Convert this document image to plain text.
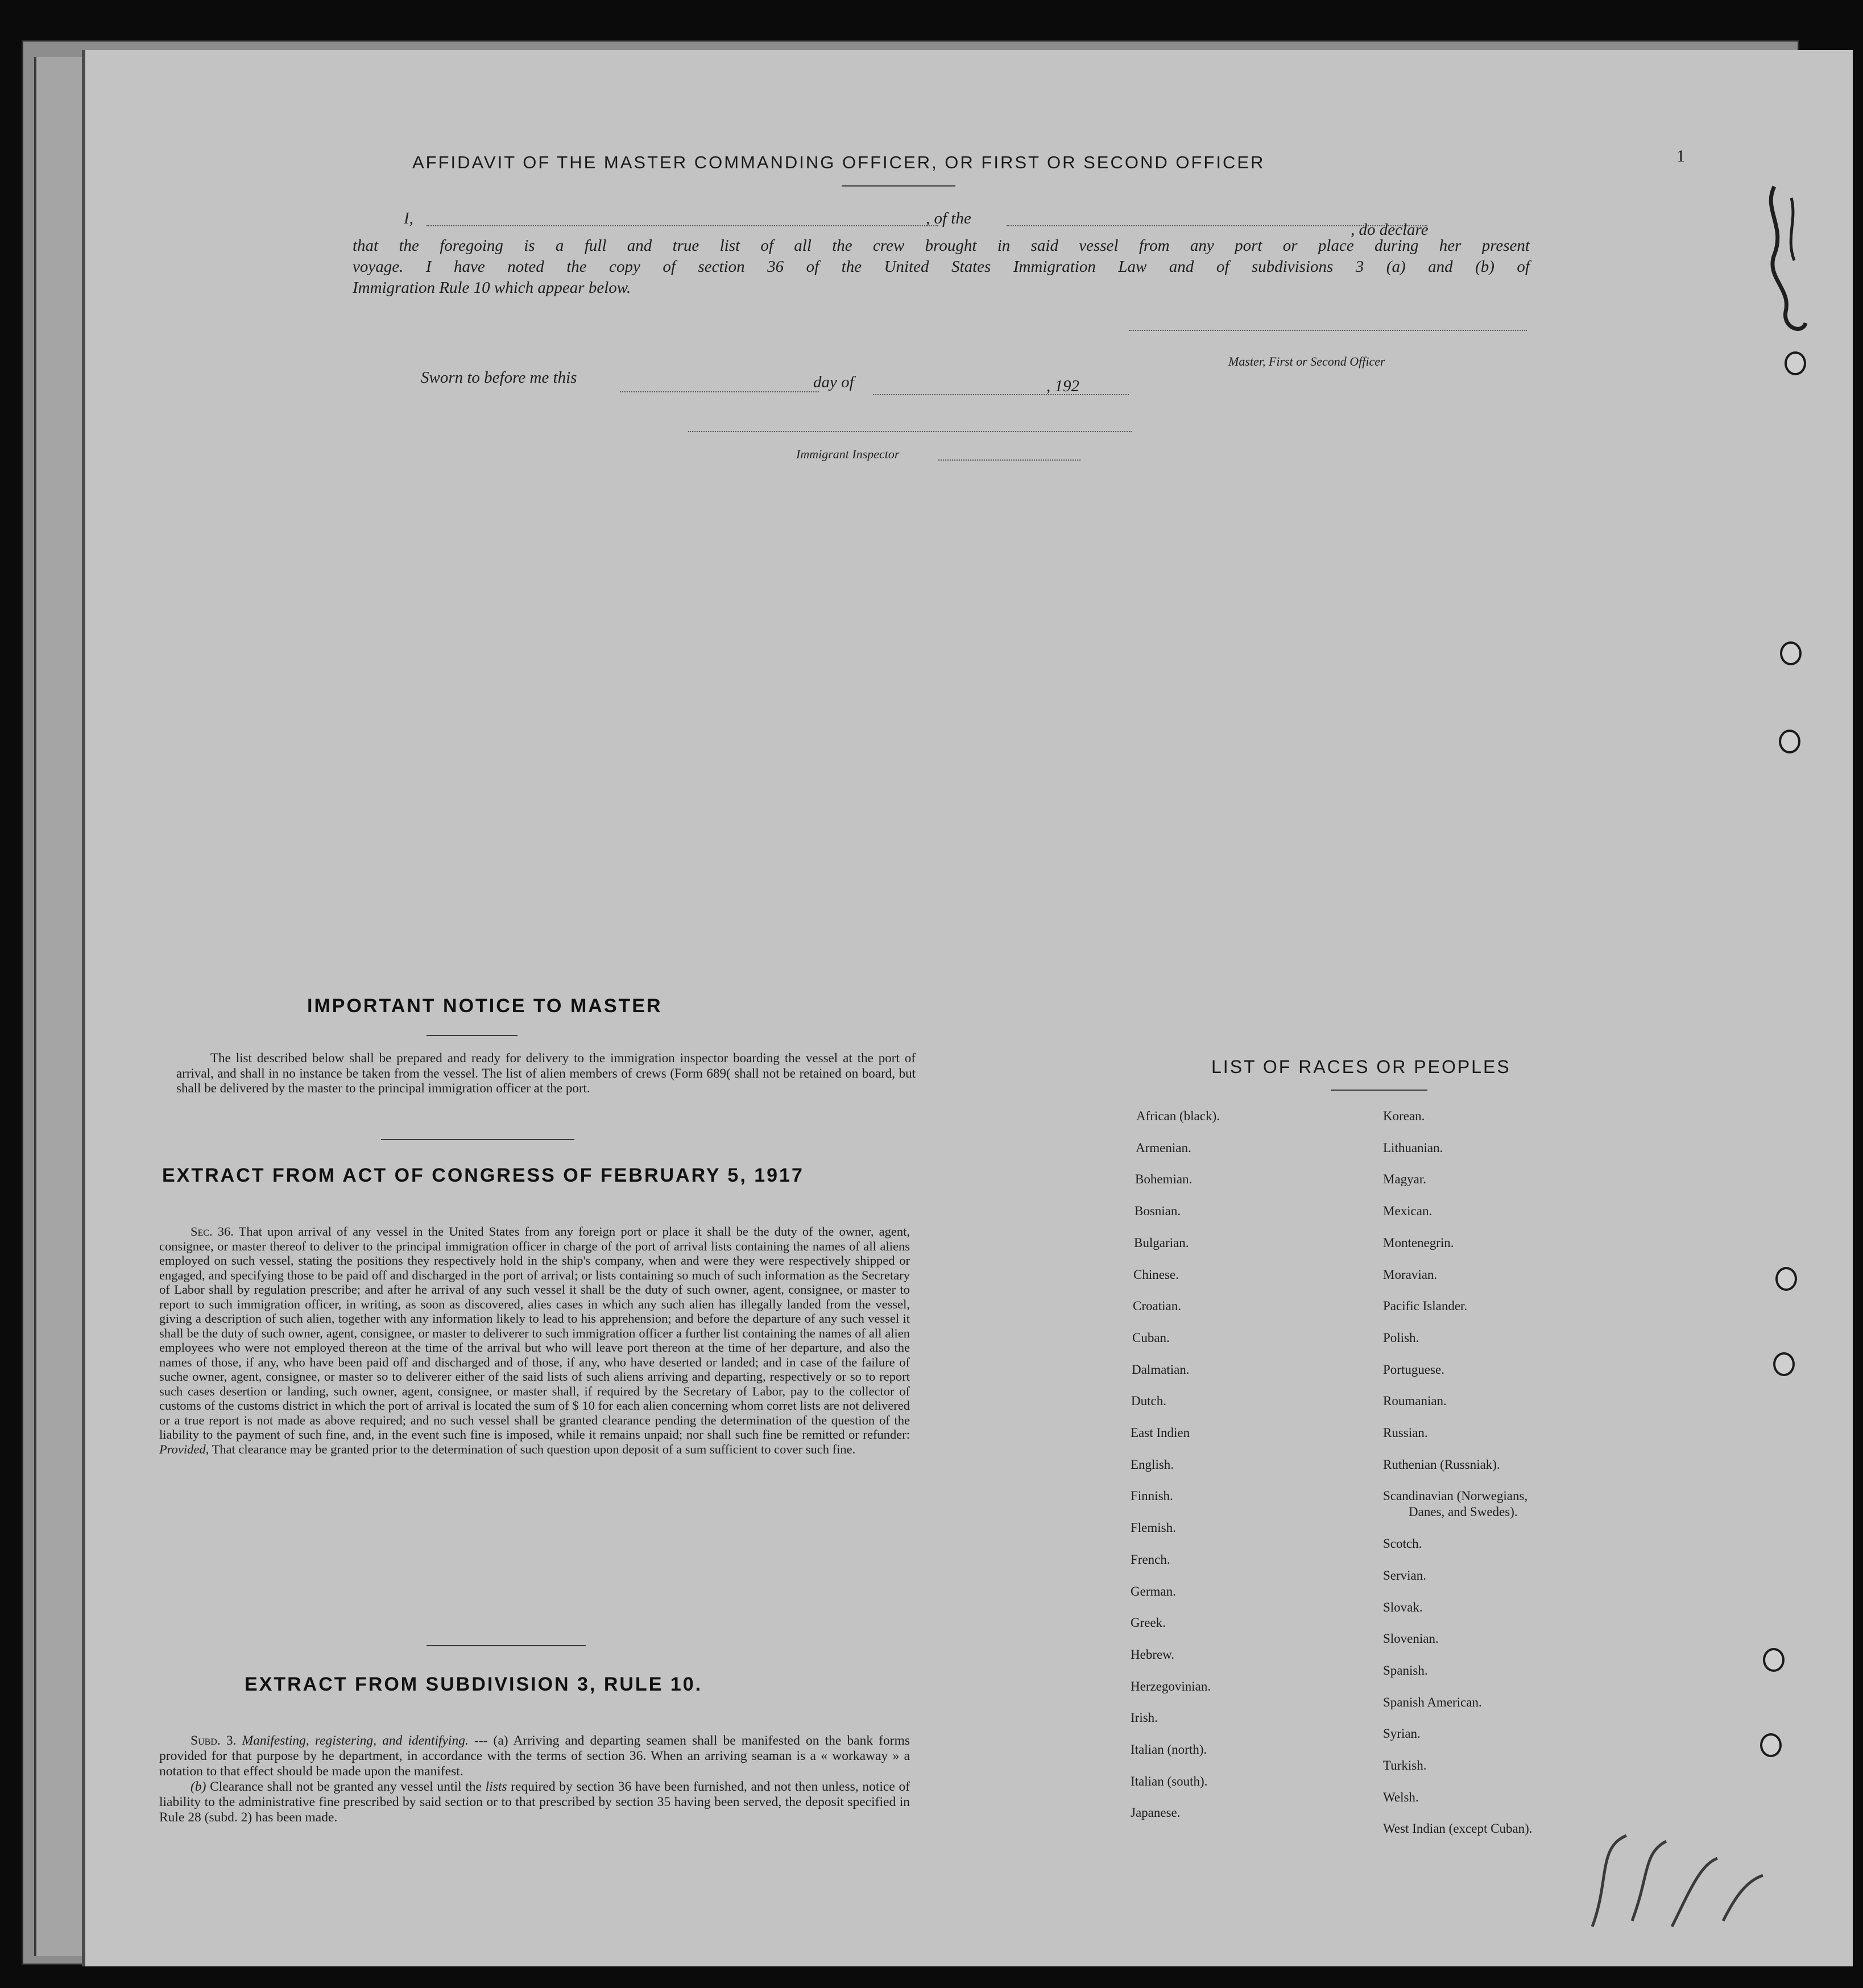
AFFIDAVIT OF THE MASTER COMMANDING OFFICER, OR FIRST OR SECOND OFFICER
I,	, of the
, do declare
that the foregoing is a full and true list of all the crew brought in said vessel from any port or place during her present
voyage. I have noted the copy of section 36 of the United States Immigration Law and of subdivisions 3 (a) and (b) of
Immigration Rule 10 which appear below.
Master, First or Second Officer
Sworn to before me this	day of	, 192
Immigrant Inspector
IMPORTANT NOTICE TO MASTER
The list described below shall be prepared and ready for delivery to the immigration inspector boarding the vessel at the port of arrival, and shall in no instance be taken from the vessel. The list of alien members of crews (Form 689( shall not be retained on board, but shall be delivered by the master to the principal immigration officer at the port.
EXTRACT FROM ACT OF CONGRESS OF FEBRUARY 5, 1917
Sec. 36. That upon arrival of any vessel in the United States from any foreign port or place it shall be the duty of the owner, agent, consignee, or master thereof to deliver to the principal immigration officer in charge of the port of arrival lists containing the names of all aliens employed on such vessel, stating the positions they respectively hold in the ship's company, when and were they were respectively shipped or engaged, and specifying those to be paid off and discharged in the port of arrival; or lists containing so much of such information as the Secretary of Labor shall by regulation prescribe; and after he arrival of any such vessel it shall be the duty of such owner, agent, consignee, or master to report to such immigration officer, in writing, as soon as discovered, alies cases in which any such alien has illegally landed from the vessel, giving a description of such alien, together with any information likely to lead to his apprehension; and before the departure of any such vessel it shall be the duty of such owner, agent, consignee, or master to deliverer to such immigration officer a further list containing the names of all alien employees who were not employed thereon at the time of the arrival but who will leave port thereon at the time of her departure, and also the names of those, if any, who have been paid off and discharged and of those, if any, who have deserted or landed; and in case of the failure of suche owner, agent, consignee, or master so to deliverer either of the said lists of such aliens arriving and departing, respectively or so to report such cases desertion or landing, such owner, agent, consignee, or master shall, if required by the Secretary of Labor, pay to the collector of customs of the customs district in which the port of arrival is located the sum of $ 10 for each alien concerning whom corret lists are not delivered or a true report is not made as above required; and no such vessel shall be granted clearance pending the determination of the question of the liability to the payment of such fine, and, in the event such fine is imposed, while it remains unpaid; nor shall such fine be remitted or refunder: Provided, That clearance may be granted prior to the determination of such question upon deposit of a sum sufficient to cover such fine.
EXTRACT FROM SUBDIVISION 3, RULE 10.
Subd. 3. Manifesting, registering, and identifying. --- (a) Arriving and departing seamen shall be manifested on the bank forms provided for that purpose by he department, in accordance with the terms of section 36. When an arriving seaman is a « workaway » a notation to that effect should be made upon the manifest.
(b) Clearance shall not be granted any vessel until the lists required by section 36 have been furnished, and not then unless, notice of liability to the administrative fine prescribed by said section or to that prescribed by section 35 having been served, the deposit specified in Rule 28 (subd. 2) has been made.
LIST OF RACES OR PEOPLES
African (black).
Armenian.
Bohemian.
Bosnian.
Bulgarian.
Chinese.
Croatian.
Cuban.
Dalmatian.
Dutch.
East Indien
English.
Finnish.
Flemish.
French.
German.
Greek.
Hebrew.
Herzegovinian.
Irish.
Italian (north).
Italian (south).
Japanese.
Korean.
Lithuanian.
Magyar.
Mexican.
Montenegrin.
Moravian.
Pacific Islander.
Polish.
Portuguese.
Roumanian.
Russian.
Ruthenian (Russniak).
Scandinavian (Norwegians,
Danes, and Swedes).
Scotch.
Servian.
Slovak.
Slovenian.
Spanish.
Spanish American.
Syrian.
Turkish.
Welsh.
West Indian (except Cuban).
1
